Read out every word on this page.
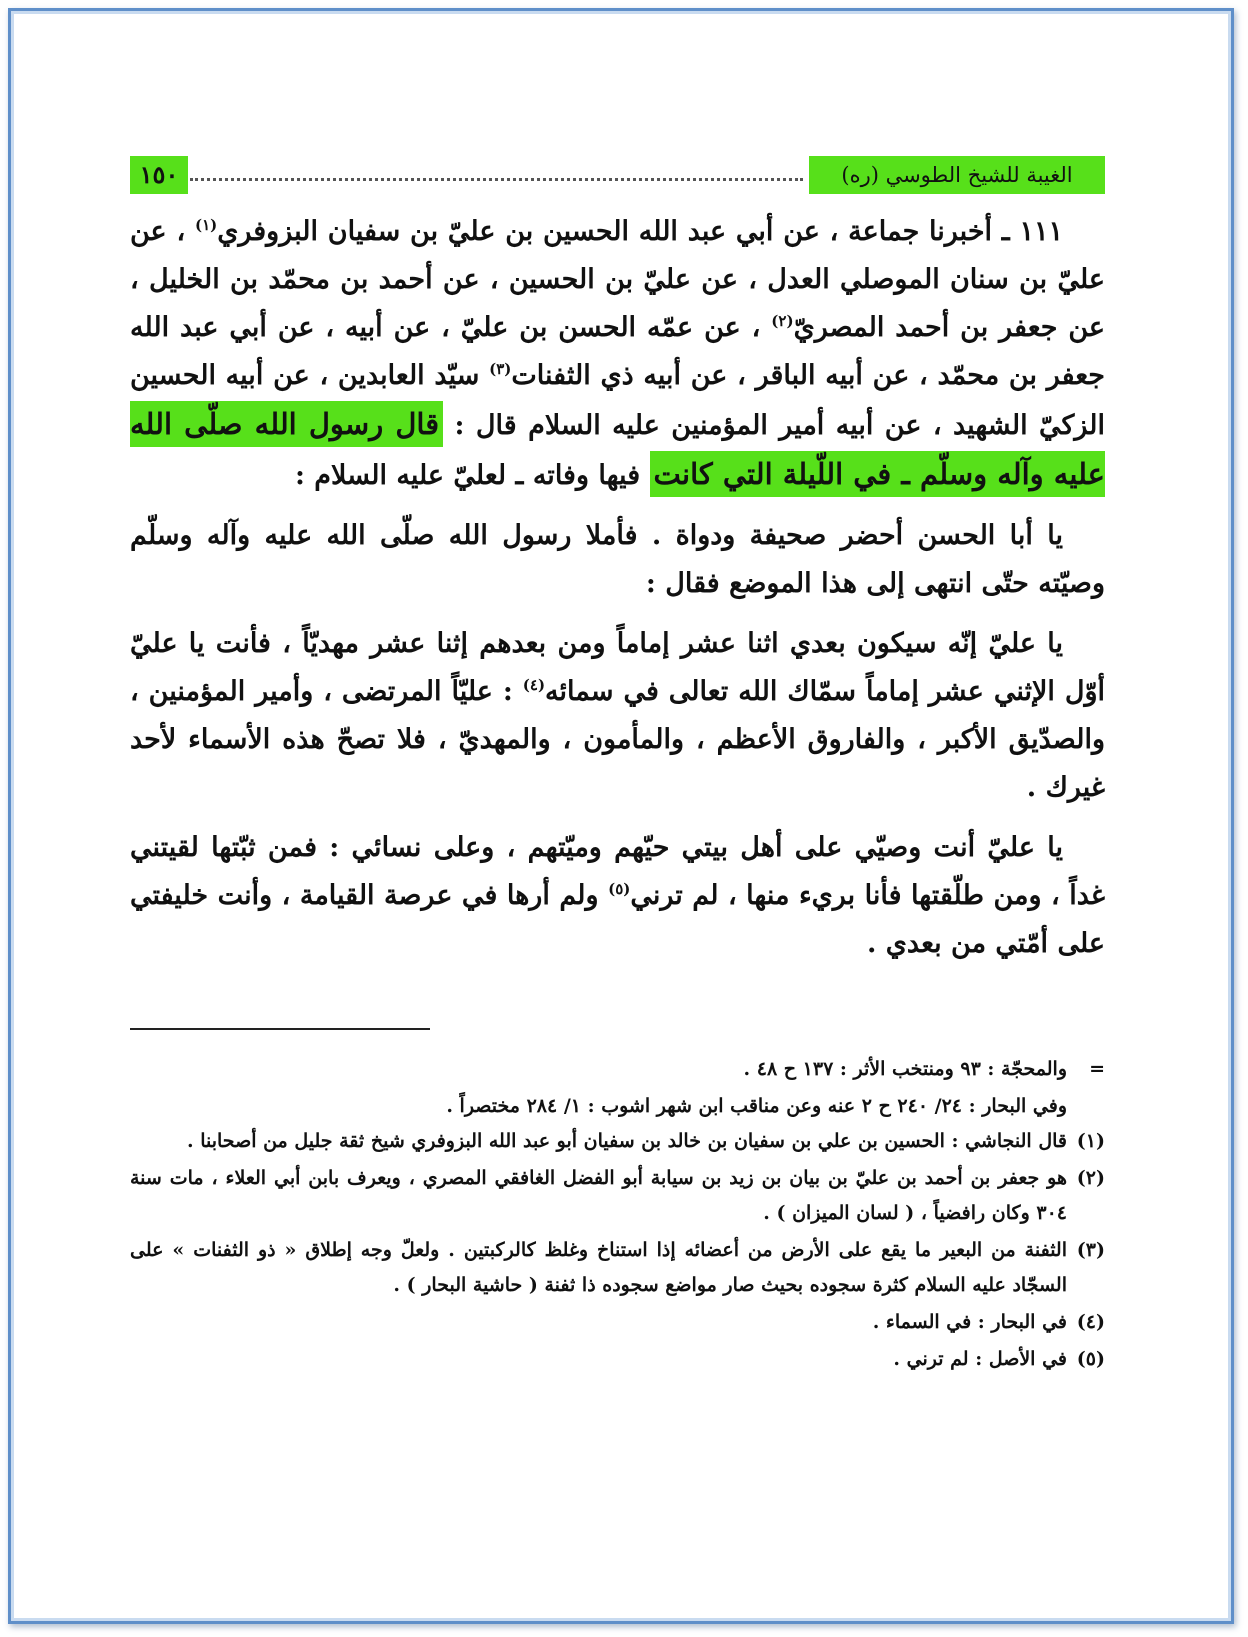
١٥٠	الغيبة للشيخ الطوسي (ره)

١١١ ـ أخبرنا جماعة ، عن أبي عبد الله الحسين بن عليّ بن سفيان البزوفري$^{(١)}$ ، عن عليّ بن سنان الموصلي العدل ، عن عليّ بن الحسين ، عن أحمد بن محمّد بن الخليل ، عن جعفر بن أحمد المصريّ$^{(٢)}$ ، عن عمّه الحسن بن عليّ ، عن أبيه ، عن أبي عبد الله جعفر بن محمّد ، عن أبيه الباقر ، عن أبيه ذي الثفنات$^{(٣)}$ سيّد العابدين ، عن أبيه الحسين الزكيّ الشهيد ، عن أبيه أمير المؤمنين عليه السلام قال : قال رسول الله صلّى الله عليه وآله وسلّم ـ في اللّيلة التي كانت فيها وفاته ـ لعليّ عليه السلام :

يا أبا الحسن أحضر صحيفة ودواة . فأملا رسول الله صلّى الله عليه وآله وسلّم وصيّته حتّى انتهى إلى هذا الموضع فقال :

يا عليّ إنّه سيكون بعدي اثنا عشر إماماً ومن بعدهم إثنا عشر مهديّاً ، فأنت يا عليّ أوّل الإثني عشر إماماً سمّاك الله تعالى في سمائه$^{(٤)}$ : عليّاً المرتضى ، وأمير المؤمنين ، والصدّيق الأكبر ، والفاروق الأعظم ، والمأمون ، والمهديّ ، فلا تصحّ هذه الأسماء لأحد غيرك .

يا عليّ أنت وصيّي على أهل بيتي حيّهم وميّتهم ، وعلى نسائي : فمن ثبّتها لقيتني غداً ، ومن طلّقتها فأنا بريء منها ، لم ترني$^{(٥)}$ ولم أرها في عرصة القيامة ، وأنت خليفتي على أمّتي من بعدي .

=
والمحجّة : ٩٣ ومنتخب الأثر : ١٣٧ ح ٤٨ .
وفي البحار : ٢٤/ ٢٤٠ ح ٢ عنه وعن مناقب ابن شهر اشوب : ١/ ٢٨٤ مختصراً .
(١)
قال النجاشي : الحسين بن علي بن سفيان بن خالد بن سفيان أبو عبد الله البزوفري شيخ ثقة جليل من أصحابنا .
(٢)
هو جعفر بن أحمد بن عليّ بن بيان بن زيد بن سيابة أبو الفضل الغافقي المصري ، ويعرف بابن أبي العلاء ، مات سنة ٣٠٤ وكان رافضياً ، ( لسان الميزان ) .
(٣)
الثفنة من البعير ما يقع على الأرض من أعضائه إذا استناخ وغلظ كالركبتين . ولعلّ وجه إطلاق « ذو الثفنات » على السجّاد عليه السلام كثرة سجوده بحيث صار مواضع سجوده ذا ثفنة ( حاشية البحار ) .
(٤)
في البحار : في السماء .
(٥)
في الأصل : لم ترني .
